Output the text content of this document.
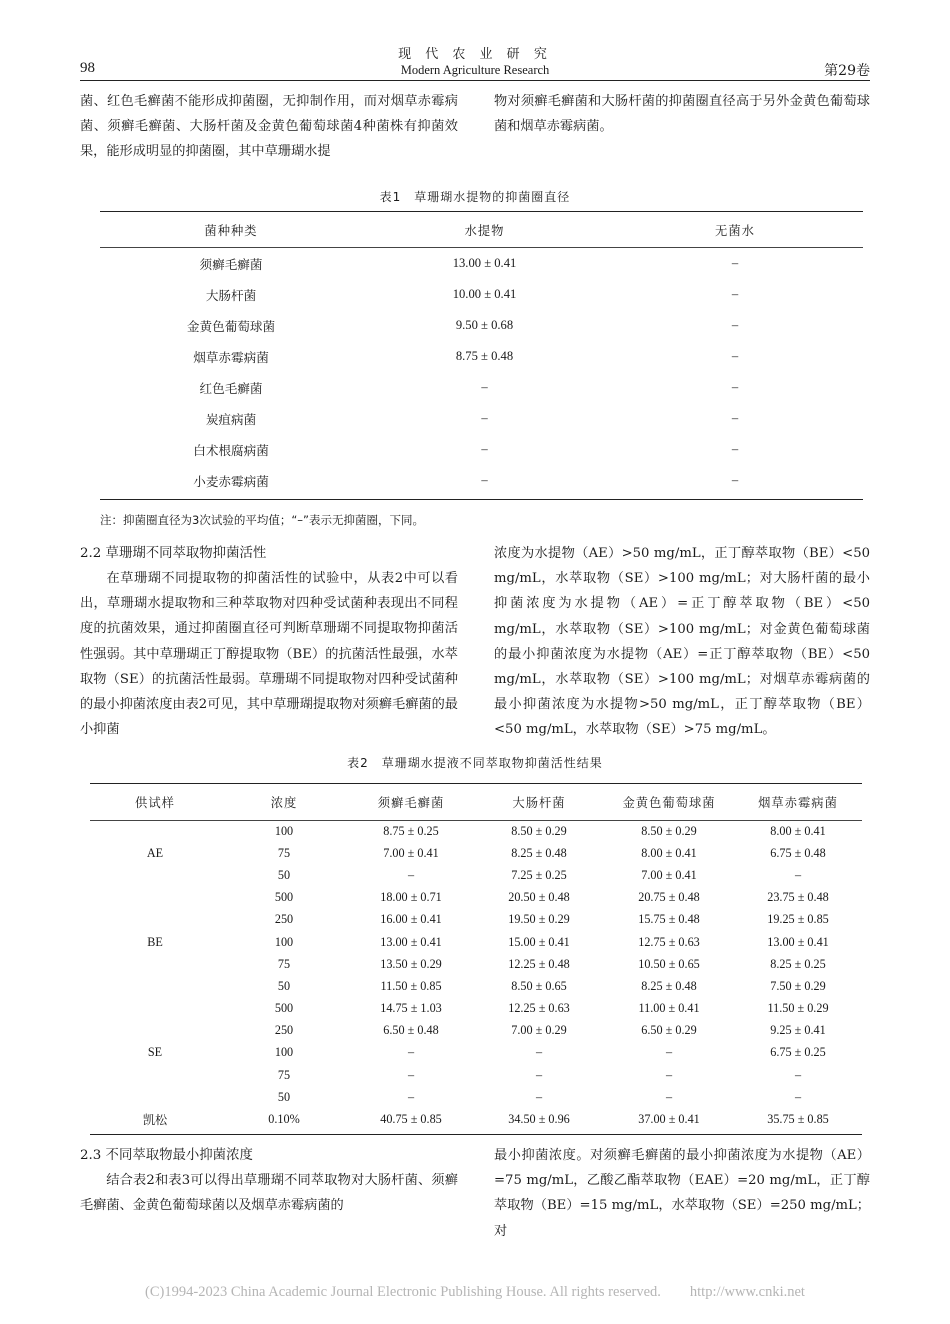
98
现 代 农 业 研 究
Modern Agriculture Research	第29卷
菌、红色毛癣菌不能形成抑菌圈，无抑制作用，而对烟草赤霉病菌、须癣毛癣菌、大肠杆菌及金黄色葡萄球菌4种菌株有抑菌效果，能形成明显的抑菌圈，其中草珊瑚水提
物对须癣毛癣菌和大肠杆菌的抑菌圈直径高于另外金黄色葡萄球菌和烟草赤霉病菌。
表1　草珊瑚水提物的抑菌圈直径
菌种种类	水提物	无菌水
须癣毛癣菌	13.00 ± 0.41	–
大肠杆菌	10.00 ± 0.41	–
金黄色葡萄球菌	9.50 ± 0.68	–
烟草赤霉病菌	8.75 ± 0.48	–
红色毛癣菌	–	–
炭疽病菌	–	–
白术根腐病菌	–	–
小麦赤霉病菌	–	–
注：抑菌圈直径为3次试验的平均值；“–”表示无抑菌圈，下同。
2.2 草珊瑚不同萃取物抑菌活性
在草珊瑚不同提取物的抑菌活性的试验中，从表2中可以看出，草珊瑚水提取物和三种萃取物对四种受试菌种表现出不同程度的抗菌效果，通过抑菌圈直径可判断草珊瑚不同提取物抑菌活性强弱。其中草珊瑚正丁醇提取物（BE）的抗菌活性最强，水萃取物（SE）的抗菌活性最弱。草珊瑚不同提取物对四种受试菌种的最小抑菌浓度由表2可见，其中草珊瑚提取物对须癣毛癣菌的最小抑菌
浓度为水提物（AE）>50 mg/mL，正丁醇萃取物（BE）<50 mg/mL，水萃取物（SE）>100 mg/mL；对大肠杆菌的最小抑菌浓度为水提物（AE）=正丁醇萃取物（BE）<50 mg/mL，水萃取物（SE）>100 mg/mL；对金黄色葡萄球菌的最小抑菌浓度为水提物（AE）=正丁醇萃取物（BE）<50 mg/mL，水萃取物（SE）>100 mg/mL；对烟草赤霉病菌的最小抑菌浓度为水提物>50 mg/mL，正丁醇萃取物（BE）<50 mg/mL，水萃取物（SE）>75 mg/mL。
表2　草珊瑚水提液不同萃取物抑菌活性结果
供试样	浓度	须癣毛癣菌	大肠杆菌	金黄色葡萄球菌	烟草赤霉病菌
	100	8.75 ± 0.25	8.50 ± 0.29	8.50 ± 0.29	8.00 ± 0.41
AE	75	7.00 ± 0.41	8.25 ± 0.48	8.00 ± 0.41	6.75 ± 0.48
	50	–	7.25 ± 0.25	7.00 ± 0.41	–
	500	18.00 ± 0.71	20.50 ± 0.48	20.75 ± 0.48	23.75 ± 0.48
	250	16.00 ± 0.41	19.50 ± 0.29	15.75 ± 0.48	19.25 ± 0.85
BE	100	13.00 ± 0.41	15.00 ± 0.41	12.75 ± 0.63	13.00 ± 0.41
	75	13.50 ± 0.29	12.25 ± 0.48	10.50 ± 0.65	8.25 ± 0.25
	50	11.50 ± 0.85	8.50 ± 0.65	8.25 ± 0.48	7.50 ± 0.29
	500	14.75 ± 1.03	12.25 ± 0.63	11.00 ± 0.41	11.50 ± 0.29
	250	6.50 ± 0.48	7.00 ± 0.29	6.50 ± 0.29	9.25 ± 0.41
SE	100	–	–	–	6.75 ± 0.25
	75	–	–	–	–
	50	–	–	–	–
凯松	0.10%	40.75 ± 0.85	34.50 ± 0.96	37.00 ± 0.41	35.75 ± 0.85
2.3 不同萃取物最小抑菌浓度
结合表2和表3可以得出草珊瑚不同萃取物对大肠杆菌、须癣毛癣菌、金黄色葡萄球菌以及烟草赤霉病菌的
最小抑菌浓度。对须癣毛癣菌的最小抑菌浓度为水提物（AE）=75 mg/mL，乙酸乙酯萃取物（EAE）=20 mg/mL，正丁醇萃取物（BE）=15 mg/mL，水萃取物（SE）=250 mg/mL；对
(C)1994-2023 China Academic Journal Electronic Publishing House. All rights reserved.　　http://www.cnki.net
